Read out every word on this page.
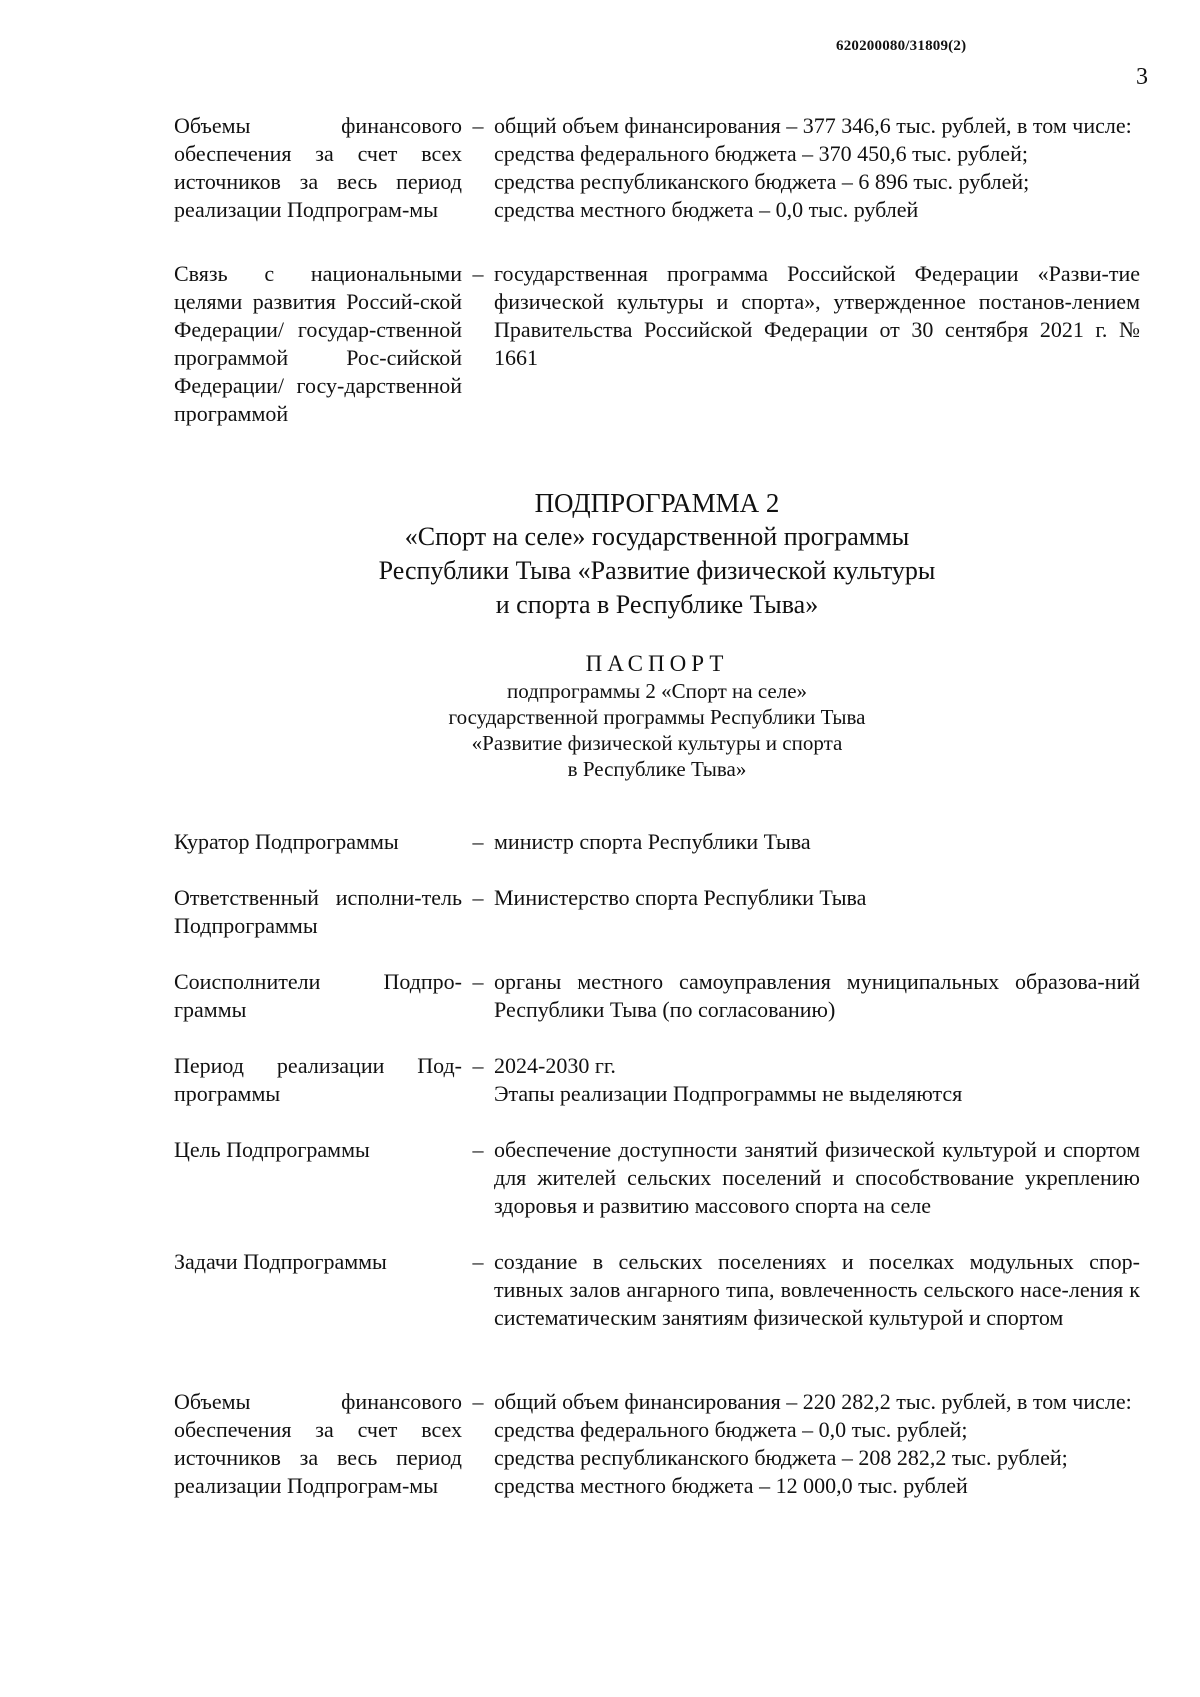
620200080/31809(2)
3
Объемы финансового обеспечения за счет всех источников за весь период реализации Подпрограм-мы
– общий объем финансирования – 377 346,6 тыс. рублей, в том числе:
средства федерального бюджета – 370 450,6 тыс. рублей;
средства республиканского бюджета – 6 896 тыс. рублей;
средства местного бюджета – 0,0 тыс. рублей
Связь с национальными целями развития Россий-ской Федерации/ государ-ственной программой Рос-сийской Федерации/ госу-дарственной программой
– государственная программа Российской Федерации «Разви-тие физической культуры и спорта», утвержденное постанов-лением Правительства Российской Федерации от 30 сентября 2021 г. № 1661
ПОДПРОГРАММА 2
«Спорт на селе» государственной программы
Республики Тыва «Развитие физической культуры
и спорта в Республике Тыва»
ПАСПОРТ
подпрограммы 2 «Спорт на селе»
государственной программы Республики Тыва
«Развитие физической культуры и спорта
в Республике Тыва»
Куратор Подпрограммы	– министр спорта Республики Тыва
Ответственный исполни-тель Подпрограммы
– Министерство спорта Республики Тыва
Соисполнители Подпро-граммы
– органы местного самоуправления муниципальных образова-ний Республики Тыва (по согласованию)
Период реализации Под-программы
– 2024-2030 гг.
Этапы реализации Подпрограммы не выделяются
Цель Подпрограммы	– обеспечение доступности занятий физической культурой и спортом для жителей сельских поселений и способствование укреплению здоровья и развитию массового спорта на селе
Задачи Подпрограммы	– создание в сельских поселениях и поселках модульных спор-тивных залов ангарного типа, вовлеченность сельского насе-ления к систематическим занятиям физической культурой и спортом
Объемы финансового обеспечения за счет всех источников за весь период реализации Подпрограм-мы
– общий объем финансирования – 220 282,2 тыс. рублей, в том числе:
средства федерального бюджета – 0,0 тыс. рублей;
средства республиканского бюджета – 208 282,2 тыс. рублей;
средства местного бюджета – 12 000,0 тыс. рублей
